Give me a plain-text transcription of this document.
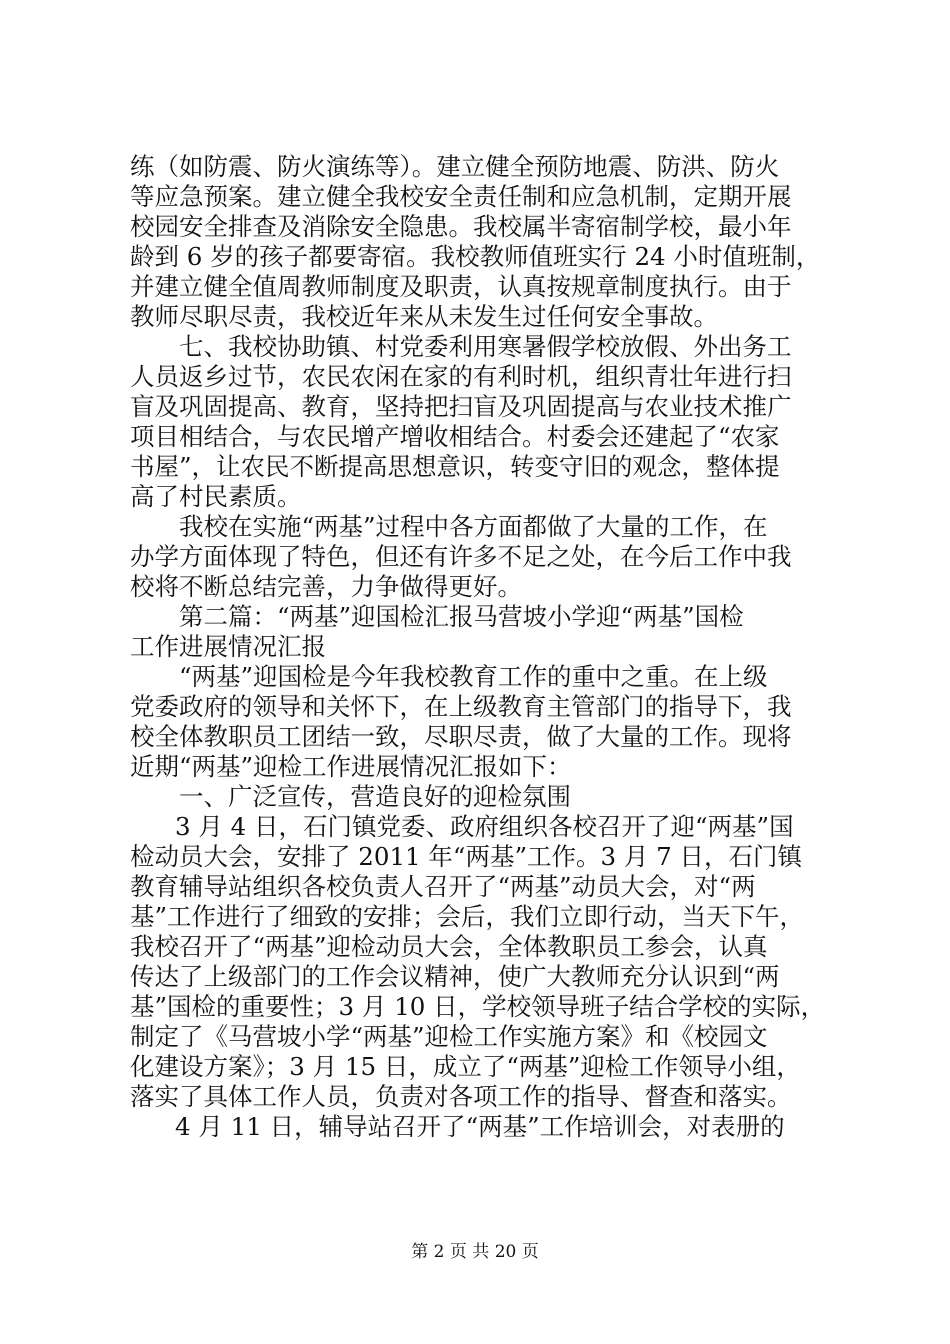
练（如防震、防火演练等）。建立健全预防地震、防洪、防火
等应急预案。建立健全我校安全责任制和应急机制，定期开展
校园安全排查及消除安全隐患。我校属半寄宿制学校，最小年
龄到 6 岁的孩子都要寄宿。我校教师值班实行 24 小时值班制，
并建立健全值周教师制度及职责，认真按规章制度执行。由于
教师尽职尽责，我校近年来从未发生过任何安全事故。
七、我校协助镇、村党委利用寒暑假学校放假、外出务工
人员返乡过节，农民农闲在家的有利时机，组织青壮年进行扫
盲及巩固提高、教育，坚持把扫盲及巩固提高与农业技术推广
项目相结合，与农民增产增收相结合。村委会还建起了“农家
书屋”，让农民不断提高思想意识，转变守旧的观念，整体提
高了村民素质。
我校在实施“两基”过程中各方面都做了大量的工作，在
办学方面体现了特色，但还有许多不足之处，在今后工作中我
校将不断总结完善，力争做得更好。
第二篇：“两基”迎国检汇报马营坡小学迎“两基”国检
工作进展情况汇报
“两基”迎国检是今年我校教育工作的重中之重。在上级
党委政府的领导和关怀下，在上级教育主管部门的指导下，我
校全体教职员工团结一致，尽职尽责，做了大量的工作。现将
近期“两基”迎检工作进展情况汇报如下：
一、广泛宣传，营造良好的迎检氛围
3 月 4 日，石门镇党委、政府组织各校召开了迎“两基”国
检动员大会，安排了 2011 年“两基”工作。3 月 7 日，石门镇
教育辅导站组织各校负责人召开了“两基”动员大会，对“两
基”工作进行了细致的安排；会后，我们立即行动，当天下午，
我校召开了“两基”迎检动员大会，全体教职员工参会，认真
传达了上级部门的工作会议精神，使广大教师充分认识到“两
基”国检的重要性；3 月 10 日，学校领导班子结合学校的实际，
制定了《马营坡小学“两基”迎检工作实施方案》和《校园文
化建设方案》；3 月 15 日，成立了“两基”迎检工作领导小组，
落实了具体工作人员，负责对各项工作的指导、督查和落实。
4 月 11 日，辅导站召开了“两基”工作培训会，对表册的
第 2 页 共 20 页
